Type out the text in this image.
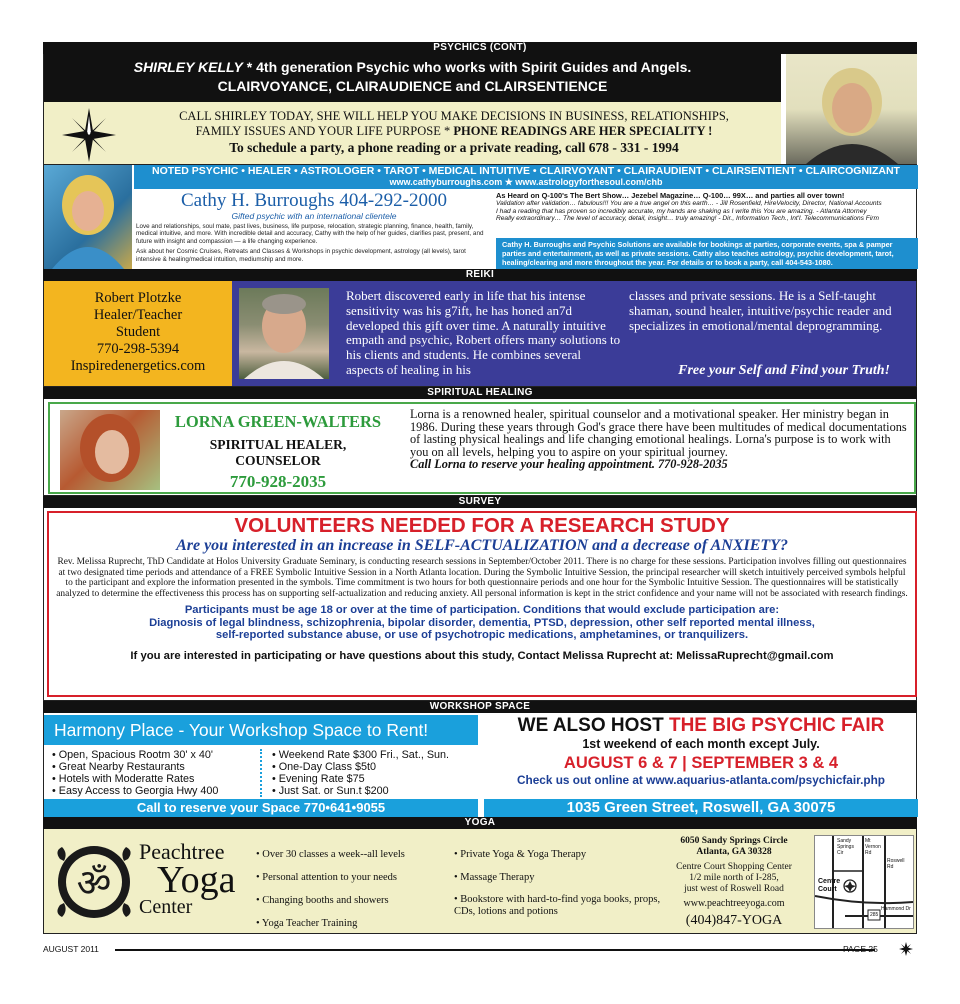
PSYCHICS (CONT)
SHIRLEY KELLY * 4th generation Psychic who works with Spirit Guides and Angels.
CLAIRVOYANCE, CLAIRAUDIENCE and CLAIRSENTIENCE
CALL SHIRLEY TODAY, SHE WILL HELP YOU MAKE DECISIONS IN BUSINESS, RELATIONSHIPS,
FAMILY ISSUES AND YOUR LIFE PURPOSE * PHONE READINGS ARE HER SPECIALITY !
To schedule a party, a phone reading or a private reading, call 678 - 331 - 1994
NOTED PSYCHIC • HEALER • ASTROLOGER • TAROT • MEDICAL INTUITIVE • CLAIRVOYANT • CLAIRAUDIENT • CLAIRSENTIENT • CLAIRCOGNIZANT
www.cathyburroughs.com ★ www.astrologyforthesoul.com/chb
Cathy H. Burroughs 404-292-2000
Gifted psychic with an international clientele
Love and relationships, soul mate, past lives, business, life purpose, relocation, strategic planning, finance, health, family, medical intuitive, and more. With incredible detail and accuracy, Cathy with the help of her guides, clarifies past, present, and future with insight and compassion — a life changing experience.
Ask about her Cosmic Cruises, Retreats and Classes & Workshops in psychic development, astrology (all levels), tarot intensive & healing/medical intuition, mediumship and more.
As Heard on Q-100's The Bert Show… Jezebel Magazine… Q-100… 99X… and parties all over town!
Validation after validation… fabulous!!! You are a true angel on this earth… - Jill Rosenfield, HireVelocity, Director, National Accounts
I had a reading that has proven so incredibly accurate, my hands are shaking as I write this You are amazing. - Atlanta Attorney
Really extraordinary… The level of accuracy, detail, insight… truly amazing! - Dir., Information Tech., Int'l. Telecommunications Firm
Cathy H. Burroughs and Psychic Solutions are available for bookings at parties, corporate events, spa & pamper parties and entertainment, as well as private sessions. Cathy also teaches astrology, psychic development, tarot, healing/clearing and more throughout the year. For details or to book a party, call 404-543-1080.
REIKI
Robert Plotzke
Healer/Teacher
Student
770-298-5394
Inspiredenergetics.com
Robert discovered early in life that his intense sensitivity was his g7ift, he has honed an7d developed this gift over time. A naturally intuitive empath and psychic, Robert offers many solutions to his clients and students. He combines several aspects of healing in his
classes and private sessions. He is a Self-taught shaman, sound healer, intuitive/psychic reader and specializes in emotional/mental deprogramming.
Free your Self and Find your Truth!
SPIRITUAL HEALING
LORNA GREEN-WALTERS
SPIRITUAL HEALER,
COUNSELOR
770-928-2035
Lorna is a renowned healer, spiritual counselor and a motivational speaker. Her ministry began in 1986. During these years through God's grace there have been multitudes of medical documentations of lasting physical healings and life changing emotional healings. Lorna's purpose is to work with you on all levels, helping you to aspire on your spiritual journey.
Call Lorna to reserve your healing appointment. 770-928-2035
SURVEY
VOLUNTEERS NEEDED FOR A RESEARCH STUDY
Are you interested in an increase in SELF-ACTUALIZATION and a decrease of ANXIETY?
Rev. Melissa Ruprecht, ThD Candidate at Holos University Graduate Seminary, is conducting research sessions in September/October 2011. There is no charge for these sessions. Participation involves filling out questionnaires at two designated time periods and attendance of a FREE Symbolic Intuitive Session in a North Atlanta location. During the Symbolic Intuitive Session, the principal researcher will sketch intuitively perceived symbols helpful to the participant and explore the information presented in the symbols. Time commitment is two hours for both questionnaire periods and one hour for the Symbolic Intuitive Session. The questionnaires will be statistically analyzed to determine the effectiveness this process has on supporting self-actualization and reducing anxiety. All personal information is kept in the strict confidence and your name will not be associated with research findings.
Participants must be age 18 or over at the time of participation. Conditions that would exclude participation are:
Diagnosis of legal blindness, schizophrenia, bipolar disorder, dementia, PTSD, depression, other self reported mental illness,
self-reported substance abuse, or use of psychotropic medications, amphetamines, or tranquilizers.
If you are interested in participating or have questions about this study, Contact Melissa Ruprecht at: MelissaRuprecht@gmail.com
WORKSHOP SPACE
Harmony Place - Your Workshop Space to Rent!
• Open, Spacious Rootm 30' x 40'
• Great Nearby Restaurants
• Hotels with Moderatte Rates
• Easy Access to Georgia Hwy 400
• Weekend Rate $300 Fri., Sat., Sun.
• One-Day Class $5t0
• Evening Rate $75
• Just Sat. or Sun.t $200
Call to reserve your Space 770•641•9055
WE ALSO HOST THE BIG PSYCHIC FAIR
1st weekend of each month except July.
AUGUST 6 & 7 | SEPTEMBER 3 & 4
Check us out online at www.aquarius-atlanta.com/psychicfair.php
1035 Green Street, Roswell, GA 30075
YOGA
ॐ
Peachtree
Yoga
Center
• Over 30 classes a week--all levels
• Personal attention to your needs
• Changing booths and showers
• Yoga Teacher Training
• Private Yoga & Yoga Therapy
• Massage Therapy
• Bookstore with hard-to-find yoga books, props, CDs, lotions and potions
6050 Sandy Springs Circle
Atlanta, GA 30328
Centre Court Shopping Center
1/2 mile north of I-285,
just west of Roswell Road
www.peachtreeyoga.com
(404)847-YOGA
Centre Court
Sandy Springs Cir
Mt Vernon Rd
Roswell Rd
Hammond Dr
285
AUGUST 2011	PAGE 25
